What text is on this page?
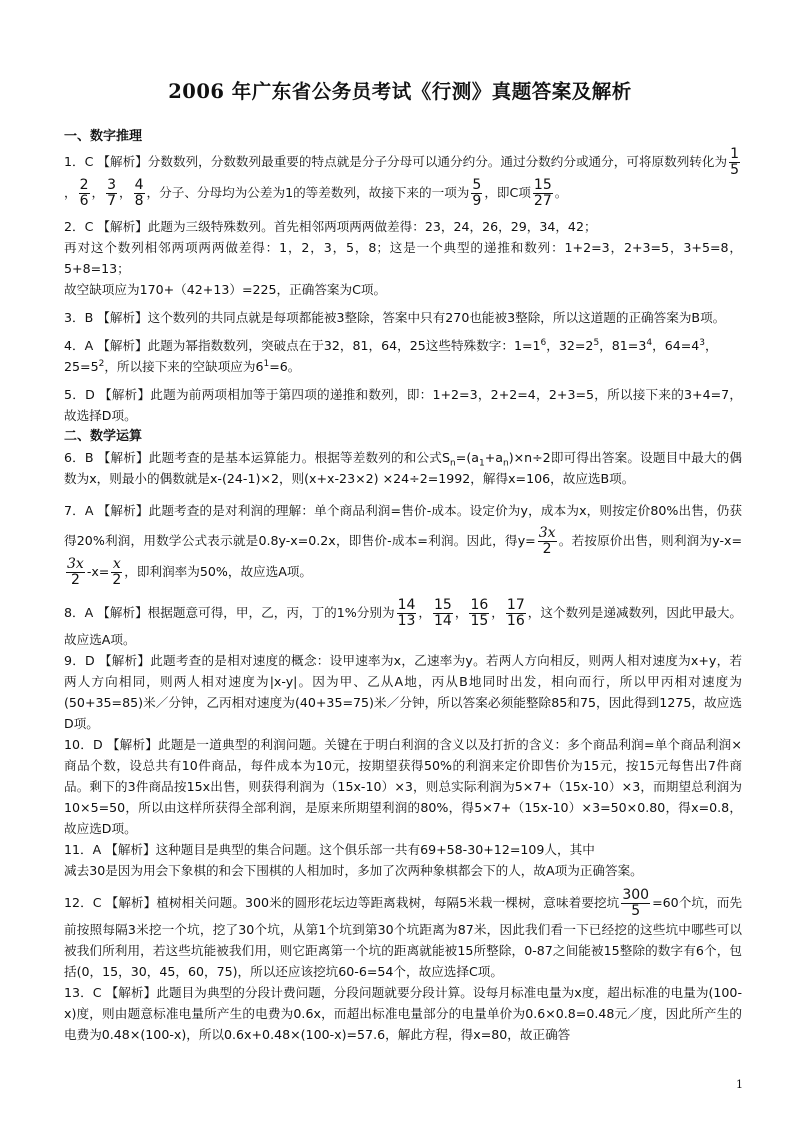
2006 年广东省公务员考试《行测》真题答案及解析

一、数字推理

1．C 【解析】分数数列，分数数列最重要的特点就是分子分母可以通分约分。通过分数约分或通分，可将原数列转化为 $\frac{1}{5}$
， $\frac{2}{6}$ ， $\frac{3}{7}$ ， $\frac{4}{8}$ ，分子、分母均为公差为1的等差数列，故接下来的一项为 $\frac{5}{9}$ ，即C项 $\frac{15}{27}$ 。

2．C 【解析】此题为三级特殊数列。首先相邻两项两两做差得：23，24，26，29，34，42；

再对这个数列相邻两项两两做差得：1，2，3，5，8；这是一个典型的递推和数列：1+2=3，2+3=5，3+5=8，5+8=13；

故空缺项应为170+（42+13）=225，正确答案为C项。

3．B 【解析】这个数列的共同点就是每项都能被3整除，答案中只有270也能被3整除，所以这道题的正确答案为B项。

4．A 【解析】此题为幂指数数列，突破点在于32，81，64，25这些特殊数字：$1=1^6$，$32=2^5$，$81=3^4$，$64=4^3$，
$25=5^2$，所以接下来的空缺项应为$6^1=6$。

5．D 【解析】此题为前两项相加等于第四项的递推和数列，即：1+2=3，2+2=4，2+3=5，所以接下来的3+4=7，故选择D项。

二、数学运算

6．B 【解析】此题考查的是基本运算能力。根据等差数列的和公式$S_n=(a_1+a_n)\times n\div 2$即可得出答案。设题目中最大的偶数为x，则最小的偶数就是x-(24-1)×2，则(x+x-23×2) ×24÷2=1992，解得x=106，故应选B项。

7．A 【解析】此题考查的是对利润的理解：单个商品利润=售价-成本。设定价为y，成本为x，则按定价80%出售，仍获得20%利润，用数学公式表示就是0.8y-x=0.2x，即售价-成本=利润。因此，得$y= \frac{3x}{2}$ 。若按原价出售，则利润为y-x=
$\frac{3x}{2} -x= \frac{x}{2}$ ，即利润率为50%，故应选A项。

8．A 【解析】根据题意可得，甲，乙，丙，丁的1%分别为 $\frac{14}{13}$ ， $\frac{15}{14}$ ， $\frac{16}{15}$ ， $\frac{17}{16}$ ，这个数列是递减数列，因此甲最大。故应选A项。

9．D 【解析】此题考查的是相对速度的概念：设甲速率为x，乙速率为y。若两人方向相反，则两人相对速度为x+y，若两人方向相同，则两人相对速度为|x-y|。因为甲、乙从A地，丙从B地同时出发，相向而行，所以甲丙相对速度为(50+35=85)米／分钟，乙丙相对速度为(40+35=75)米／分钟，所以答案必须能整除85和75，因此得到1275，故应选D项。

10．D 【解析】此题是一道典型的利润问题。关键在于明白利润的含义以及打折的含义：多个商品利润=单个商品利润×商品个数，设总共有10件商品，每件成本为10元，按期望获得50%的利润来定价即售价为15元，按15元每售出7件商品。剩下的3件商品按15x出售，则获得利润为（15x-10）×3，则总实际利润为5×7+（15x-10）×3，而期望总利润为10×5=50，所以由这样所获得全部利润，是原来所期望利润的80%，得5×7+（15x-10）×3=50×0.80，得x=0.8，故应选D项。

11．A 【解析】这种题目是典型的集合问题。这个俱乐部一共有69+58-30+12=109人，其中

减去30是因为用会下象棋的和会下围棋的人相加时，多加了次两种象棋都会下的人，故A项为正确答案。

12．C 【解析】植树相关问题。300米的圆形花坛边等距离栽树，每隔5米栽一棵树，意味着要挖坑 $\frac{300}{5} =60$个坑，而先前按照每隔3米挖一个坑，挖了30个坑，从第1个坑到第30个坑距离为87米，因此我们看一下已经挖的这些坑中哪些可以被我们所利用，若这些坑能被我们用，则它距离第一个坑的距离就能被15所整除，0-87之间能被15整除的数字有6个，包括(0，15，30，45，60，75)，所以还应该挖坑60-6=54个，故应选择C项。

13．C 【解析】此题目为典型的分段计费问题，分段问题就要分段计算。设每月标准电量为x度，超出标准的电量为(100-x)度，则由题意标准电量所产生的电费为0.6x，而超出标准电量部分的电量单价为0.6×0.8=0.48元／度，因此所产生的电费为0.48×(100-x)，所以0.6x+0.48×(100-x)=57.6，解此方程，得x=80，故正确答

1
